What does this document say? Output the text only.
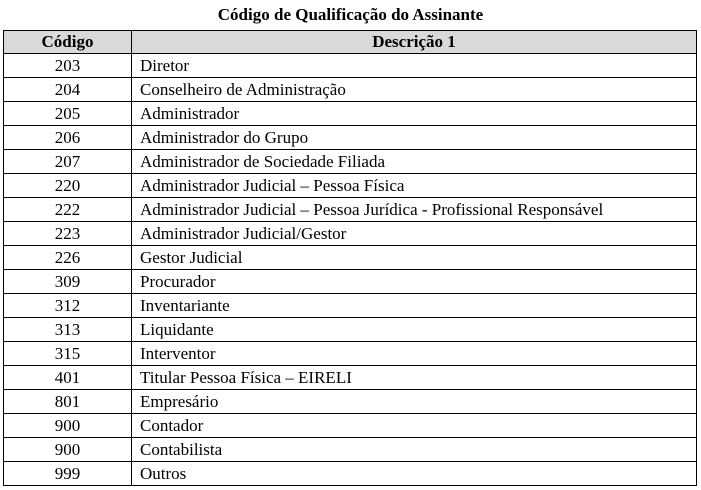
Código de Qualificação do Assinante
Código	Descrição 1
203	Diretor
204	Conselheiro de Administração
205	Administrador
206	Administrador do Grupo
207	Administrador de Sociedade Filiada
220	Administrador Judicial – Pessoa Física
222	Administrador Judicial – Pessoa Jurídica - Profissional Responsável
223	Administrador Judicial/Gestor
226	Gestor Judicial
309	Procurador
312	Inventariante
313	Liquidante
315	Interventor
401	Titular Pessoa Física – EIRELI
801	Empresário
900	Contador
900	Contabilista
999	Outros
